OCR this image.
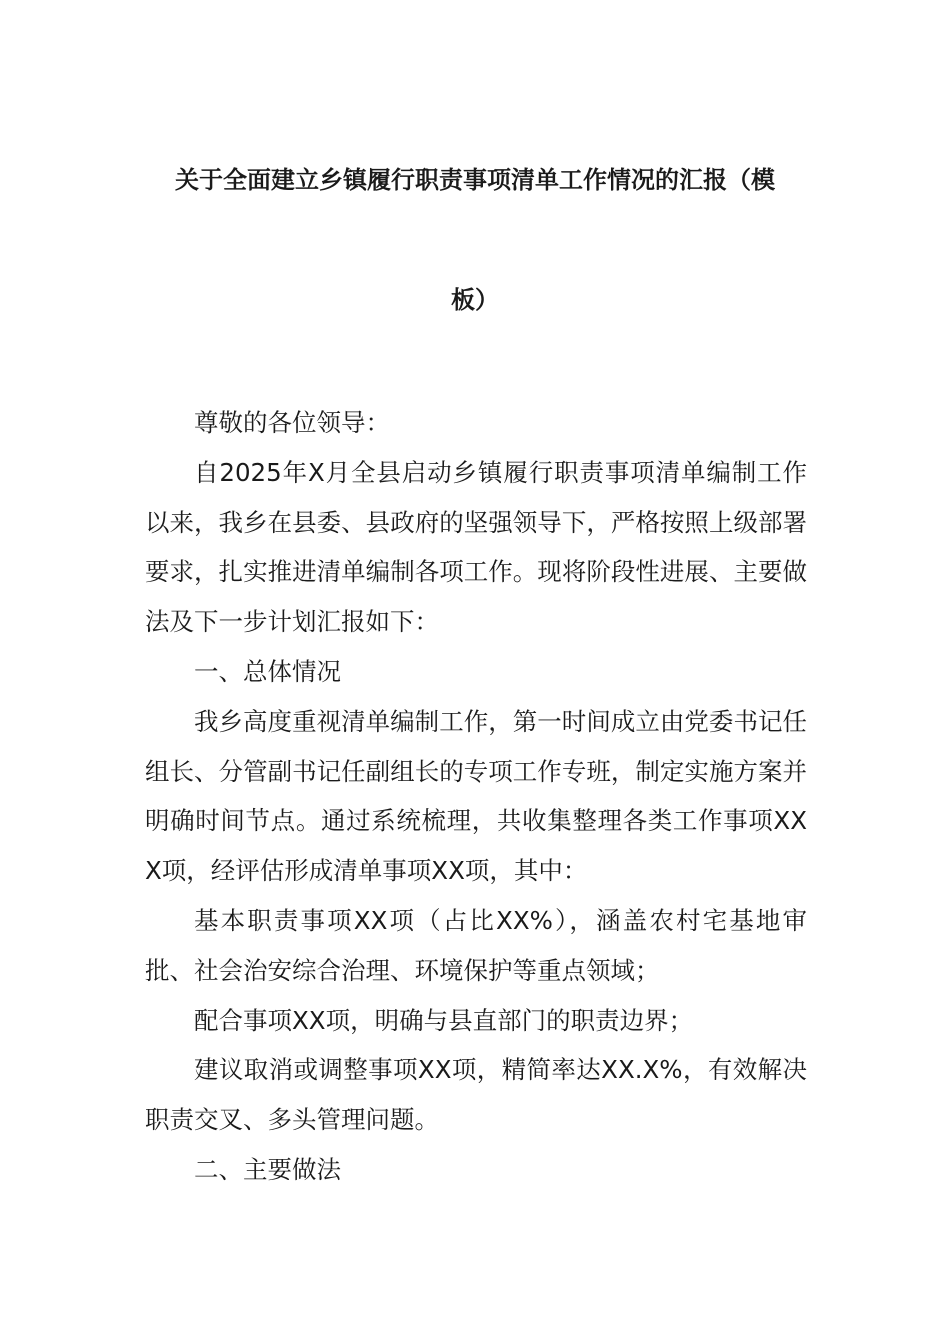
关于全面建立乡镇履行职责事项清单工作情况的汇报（模
板）

尊敬的各位领导：

自2025年X月全县启动乡镇履行职责事项清单编制工作以来，我乡在县委、县政府的坚强领导下，严格按照上级部署要求，扎实推进清单编制各项工作。现将阶段性进展、主要做法及下一步计划汇报如下：

一、总体情况

我乡高度重视清单编制工作，第一时间成立由党委书记任组长、分管副书记任副组长的专项工作专班，制定实施方案并明确时间节点。通过系统梳理，共收集整理各类工作事项XXX项，经评估形成清单事项XX项，其中：

基本职责事项XX项（占比XX%），涵盖农村宅基地审批、社会治安综合治理、环境保护等重点领域；

配合事项XX项，明确与县直部门的职责边界；

建议取消或调整事项XX项，精简率达XX.X%，有效解决职责交叉、多头管理问题。

二、主要做法
